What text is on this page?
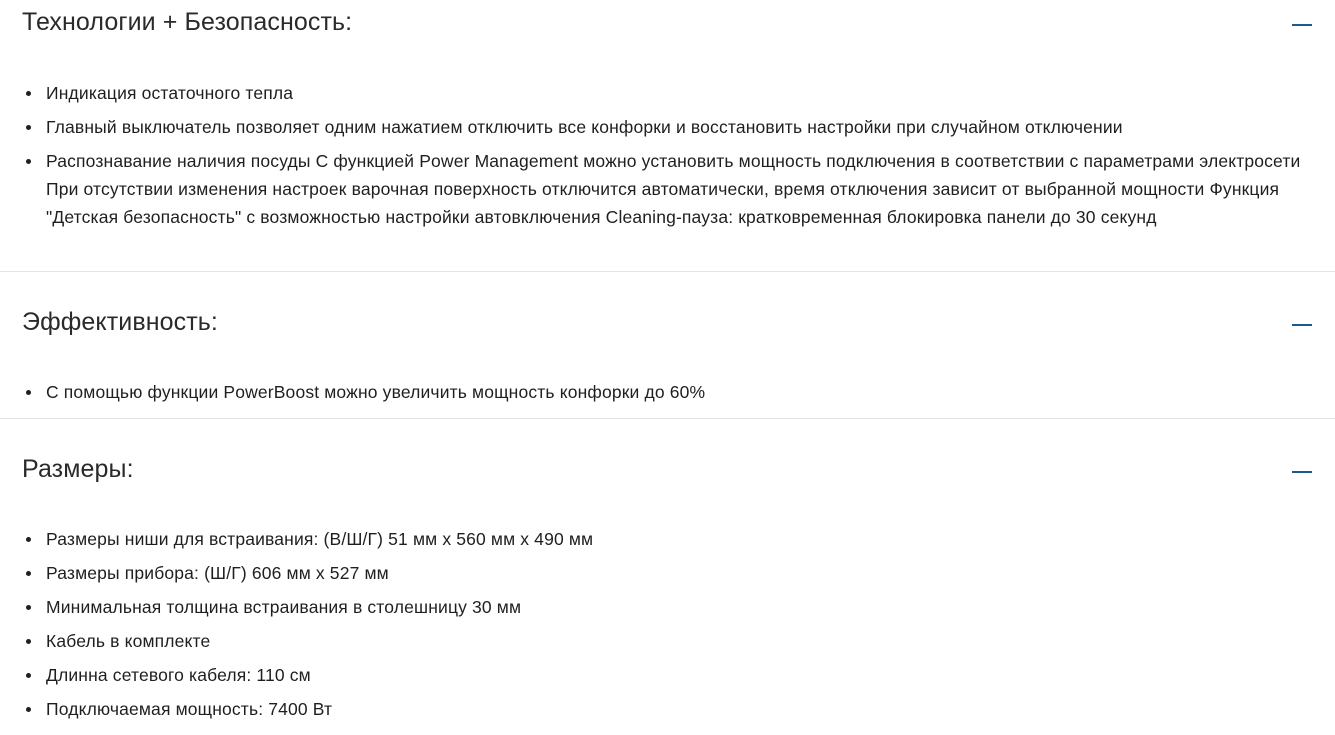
Технологии + Безопасность:
Индикация остаточного тепла
Главный выключатель позволяет одним нажатием отключить все конфорки и восстановить настройки при случайном отключении
Распознавание наличия посуды С функцией Power Management можно установить мощность подключения в соответствии с параметрами электросети При отсутствии изменения настроек варочная поверхность отключится автоматически, время отключения зависит от выбранной мощности Функция "Детская безопасность" с возможностью настройки автовключения Cleaning-пауза: кратковременная блокировка панели до 30 секунд
Эффективность:
С помощью функции PowerBoost можно увеличить мощность конфорки до 60%
Размеры:
Размеры ниши для встраивания: (В/Ш/Г) 51 мм x 560 мм x 490 мм
Размеры прибора: (Ш/Г) 606 мм x 527 мм
Минимальная толщина встраивания в столешницу 30 мм
Кабель в комплекте
Длинна сетевого кабеля: 110 см
Подключаемая мощность: 7400 Вт
